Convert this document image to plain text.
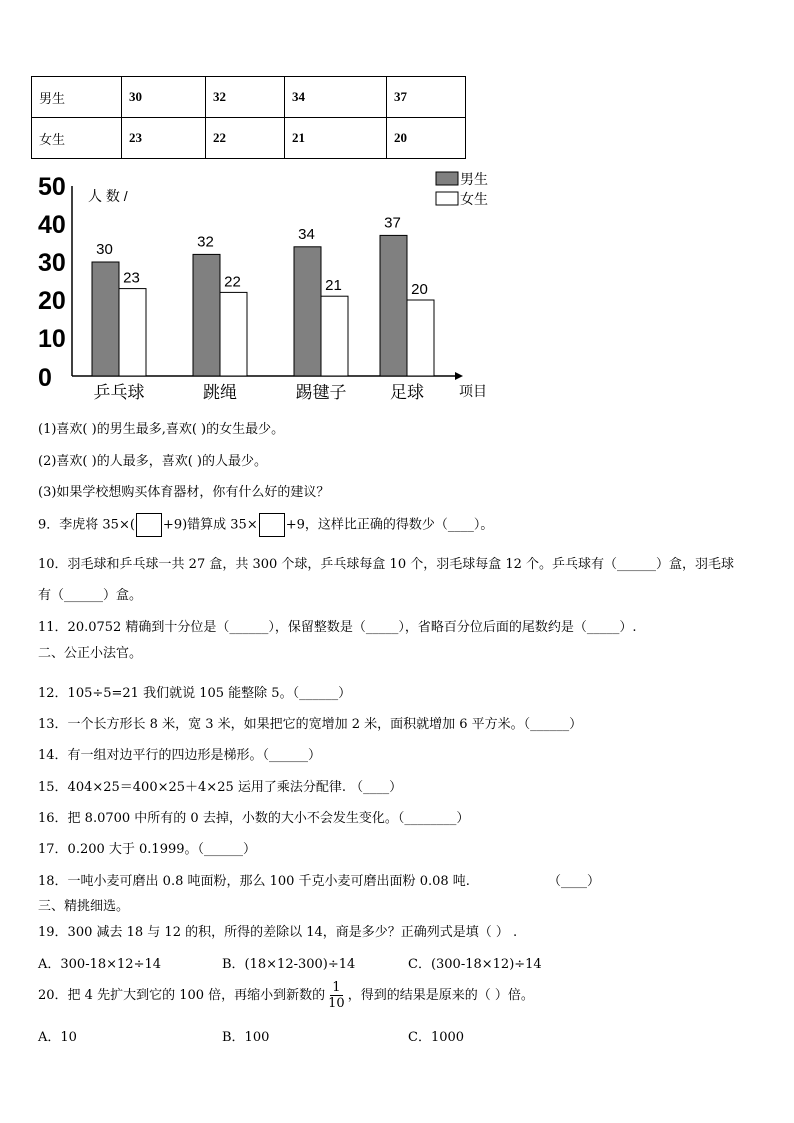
男生	30	32	34	37
女生	23	22	21	20
0
10
20
30
40
50 人 数 /
项目
30
23
乒乓球
32
22
跳绳
34
21
踢毽子
37
20
足球
男生
女生
(1)喜欢( )的男生最多,喜欢( )的女生最少。
(2)喜欢( )的人最多，喜欢( )的人最少。
(3)如果学校想购买体育器材，你有什么好的建议？
9．李虎将 35×( +9)错算成 35× +9，这样比正确的得数少（____）。
10．羽毛球和乒乓球一共 27 盒，共 300 个球，乒乓球每盒 10 个，羽毛球每盒 12 个。乒乓球有（______）盒，羽毛球
有（______）盒。
11．20.0752 精确到十分位是（______），保留整数是（_____），省略百分位后面的尾数约是（_____）.
二、公正小法官。
12．105÷5=21 我们就说 105 能整除 5。（______）
13．一个长方形长 8 米，宽 3 米，如果把它的宽增加 2 米，面积就增加 6 平方米。（______）
14．有一组对边平行的四边形是梯形。（______）
15．404×25＝400×25＋4×25 运用了乘法分配律. （____）
16．把 8.0700 中所有的 0 去掉，小数的大小不会发生变化。（________）
17．0.200 大于 0.1999。（______）
18．一吨小麦可磨出 0.8 吨面粉，那么 100 千克小麦可磨出面粉 0.08 吨.	（____）
三、精挑细选。
19．300 减去 18 与 12 的积，所得的差除以 14，商是多少？正确列式是填（ ） .
A．300-18×12÷14	B．(18×12-300)÷14	C．(300-18×12)÷14
20．把 4 先扩大到它的 100 倍，再缩小到新数的 $\frac{1}{10}$ ，得到的结果是原来的（ ）倍。
A．10	B．100	C．1000
